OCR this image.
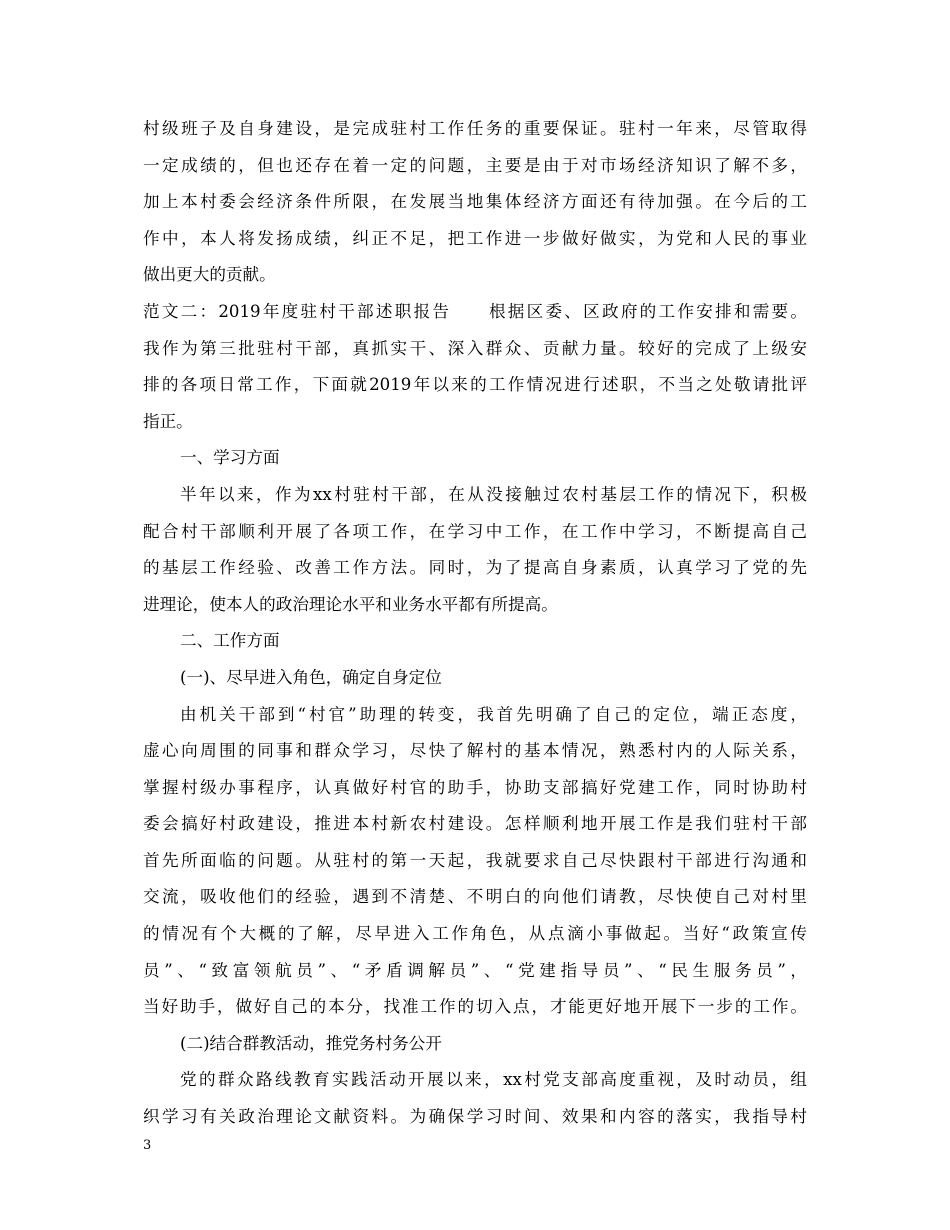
村级班子及自身建设，是完成驻村工作任务的重要保证。驻村一年来，尽管取得
一定成绩的，但也还存在着一定的问题，主要是由于对市场经济知识了解不多，
加上本村委会经济条件所限，在发展当地集体经济方面还有待加强。在今后的工
作中，本人将发扬成绩，纠正不足，把工作进一步做好做实，为党和人民的事业
做出更大的贡献。
范文二：2019年度驻村干部述职报告　　根据区委、区政府的工作安排和需要。
我作为第三批驻村干部，真抓实干、深入群众、贡献力量。较好的完成了上级安
排的各项日常工作，下面就2019年以来的工作情况进行述职，不当之处敬请批评
指正。
一、学习方面
半年以来，作为xx村驻村干部，在从没接触过农村基层工作的情况下，积极
配合村干部顺利开展了各项工作，在学习中工作，在工作中学习，不断提高自己
的基层工作经验、改善工作方法。同时，为了提高自身素质，认真学习了党的先
进理论，使本人的政治理论水平和业务水平都有所提高。
二、工作方面
(一)、尽早进入角色，确定自身定位
由机关干部到“村官”助理的转变，我首先明确了自己的定位，端正态度，
虚心向周围的同事和群众学习，尽快了解村的基本情况，熟悉村内的人际关系，
掌握村级办事程序，认真做好村官的助手，协助支部搞好党建工作，同时协助村
委会搞好村政建设，推进本村新农村建设。怎样顺利地开展工作是我们驻村干部
首先所面临的问题。从驻村的第一天起，我就要求自己尽快跟村干部进行沟通和
交流，吸收他们的经验，遇到不清楚、不明白的向他们请教，尽快使自己对村里
的情况有个大概的了解，尽早进入工作角色，从点滴小事做起。当好“政策宣传
员”、“致富领航员”、“矛盾调解员”、“党建指导员”、“民生服务员”，
当好助手，做好自己的本分，找准工作的切入点，才能更好地开展下一步的工作。
(二)结合群教活动，推党务村务公开
党的群众路线教育实践活动开展以来，xx村党支部高度重视，及时动员，组
织学习有关政治理论文献资料。为确保学习时间、效果和内容的落实，我指导村
3
